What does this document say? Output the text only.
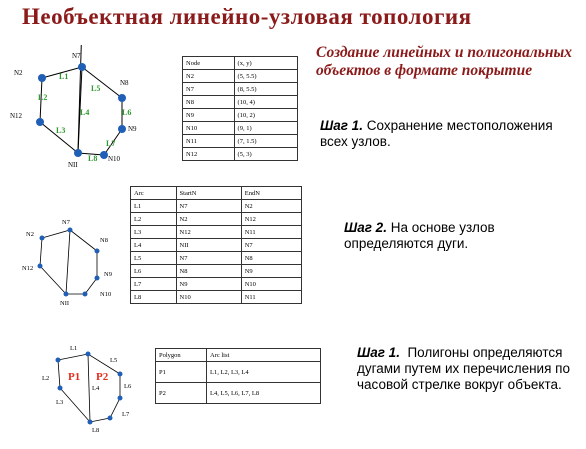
Необъектная линейно-узловая топология
Создание линейных и полигональных объектов в формате покрытие
N7
N2
N8
N12
N9
N10
NII
L1
L2
L3
L4
L5
L6
L7
L8
Node	(x, y)
N2	(5, 5.5)
N7	(8, 5.5)
N8	(10, 4)
N9	(10, 2)
N10	(9, 1)
N11	(7, 1.5)
N12	(5, 3)
Шаг 1. Сохранение местоположения всех узлов.
N7
N2
N8
N12
N9
N10
NII
Arc	StartN	EndN
L1	N7	N2
L2	N2	N12
L3	N12	N11
L4	NII	N7
L5	N7	N8
L6	N8	N9
L7	N9	N10
L8	N10	N11
Шаг 2. На основе узлов определяются дуги.
L1
L5
L2
L4	L6
L3
L7
L8
P1 P2
Polygon	Arc list
P1	L1, L2, L3, L4
P2	L4, L5, L6, L7, L8
Шаг 1. Полигоны определяются дугами путем их перечисления по часовой стрелке вокруг объекта.
